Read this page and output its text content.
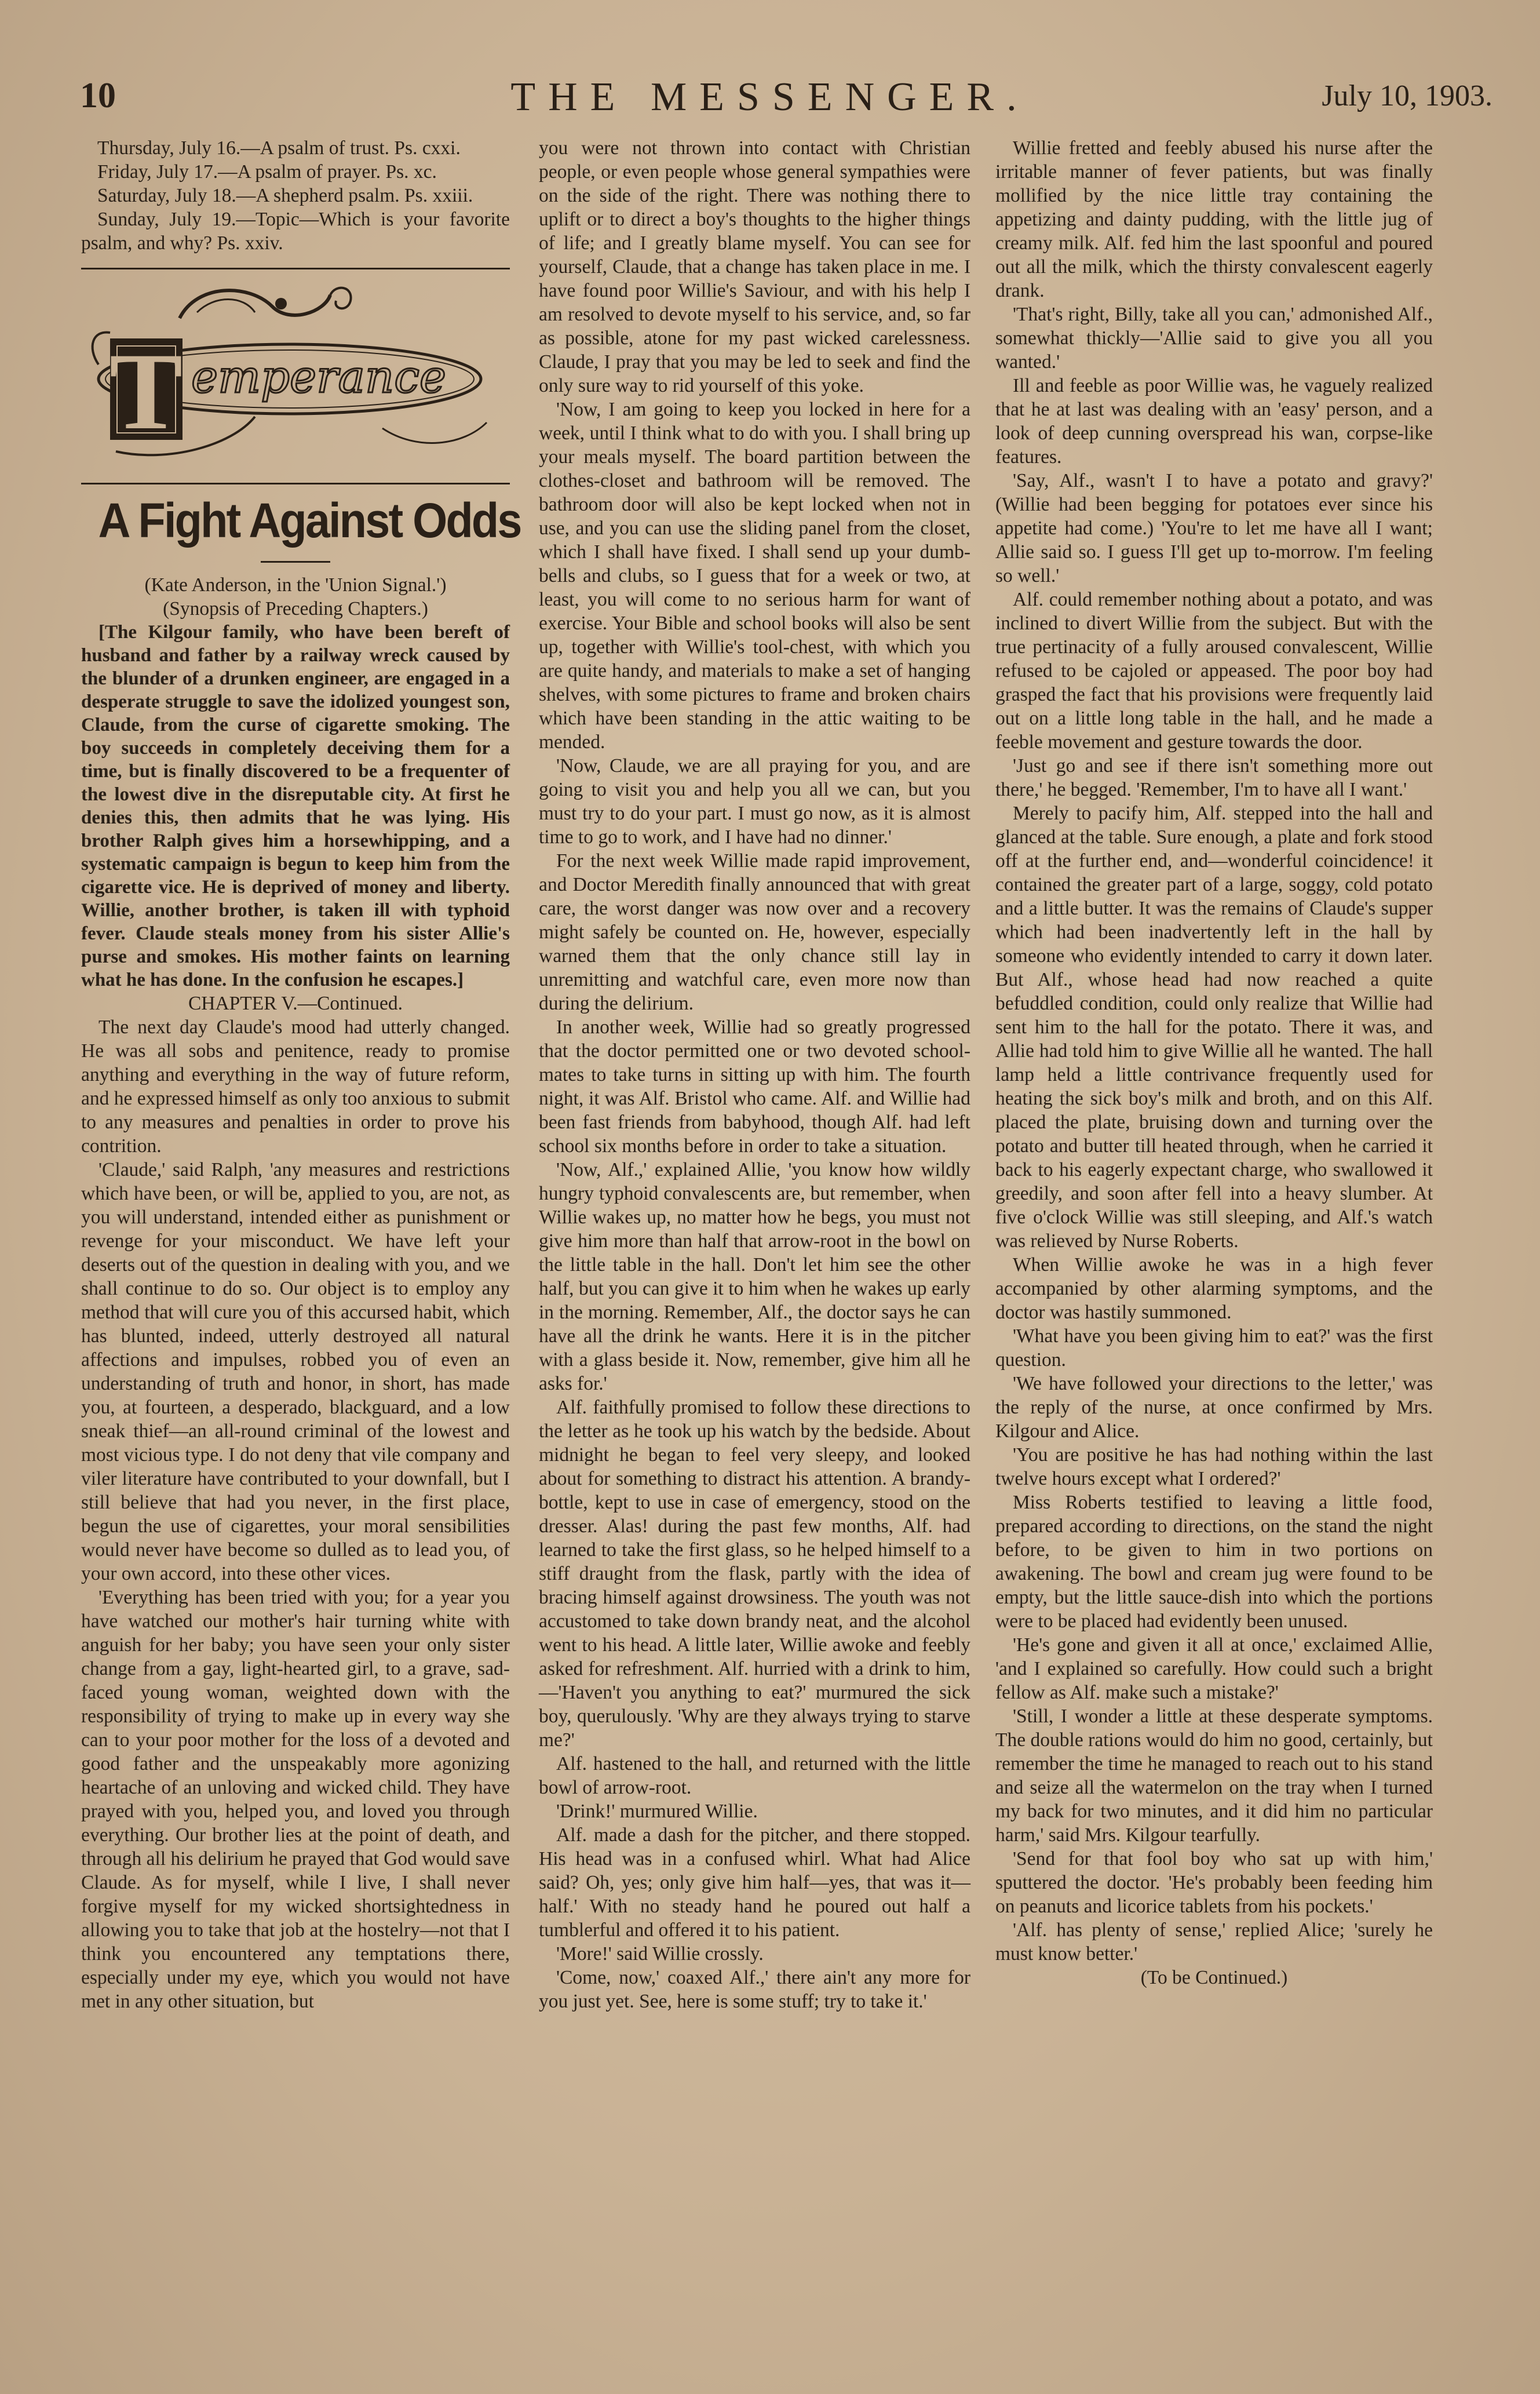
10	THE MESSENGER.	July 10, 1903.

Thursday, July 16.—A psalm of trust. Ps. cxxi.

Friday, July 17.—A psalm of prayer. Ps. xc.

Saturday, July 18.—A shepherd psalm. Ps. xxiii.

Sunday, July 19.—Topic—Which is your favorite psalm, and why? Ps. xxiv.

T emperance
A Fight Against Odds

(Kate Anderson, in the 'Union Signal.')

(Synopsis of Preceding Chapters.)

[The Kilgour family, who have been bereft of husband and father by a railway wreck caused by the blunder of a drunken engineer, are engaged in a desperate struggle to save the idolized youngest son, Claude, from the curse of cigarette smoking. The boy succeeds in completely deceiving them for a time, but is finally discovered to be a frequenter of the lowest dive in the disreputable city. At first he denies this, then admits that he was lying. His brother Ralph gives him a horsewhipping, and a systematic campaign is begun to keep him from the cigarette vice. He is deprived of money and liberty. Willie, another brother, is taken ill with typhoid fever. Claude steals money from his sister Allie's purse and smokes. His mother faints on learning what he has done. In the confusion he escapes.]

CHAPTER V.—Continued.

The next day Claude's mood had utterly changed. He was all sobs and penitence, ready to promise anything and everything in the way of future reform, and he expressed himself as only too anxious to submit to any measures and penalties in order to prove his contrition.

'Claude,' said Ralph, 'any measures and restrictions which have been, or will be, applied to you, are not, as you will understand, intended either as punishment or revenge for your misconduct. We have left your deserts out of the question in dealing with you, and we shall continue to do so. Our object is to employ any method that will cure you of this accursed habit, which has blunted, indeed, utterly destroyed all natural affections and impulses, robbed you of even an understanding of truth and honor, in short, has made you, at fourteen, a desperado, blackguard, and a low sneak thief—an all-round criminal of the lowest and most vicious type. I do not deny that vile company and viler literature have contributed to your downfall, but I still believe that had you never, in the first place, begun the use of cigarettes, your moral sensibilities would never have become so dulled as to lead you, of your own accord, into these other vices.

'Everything has been tried with you; for a year you have watched our mother's hair turning white with anguish for her baby; you have seen your only sister change from a gay, light-hearted girl, to a grave, sad-faced young woman, weighted down with the responsibility of trying to make up in every way she can to your poor mother for the loss of a devoted and good father and the unspeakably more agonizing heartache of an unloving and wicked child. They have prayed with you, helped you, and loved you through everything. Our brother lies at the point of death, and through all his delirium he prayed that God would save Claude. As for myself, while I live, I shall never forgive myself for my wicked shortsightedness in allowing you to take that job at the hostelry—not that I think you encountered any temptations there, especially under my eye, which you would not have met in any other situation, but

you were not thrown into contact with Christian people, or even people whose general sympathies were on the side of the right. There was nothing there to uplift or to direct a boy's thoughts to the higher things of life; and I greatly blame myself. You can see for yourself, Claude, that a change has taken place in me. I have found poor Willie's Saviour, and with his help I am resolved to devote myself to his service, and, so far as possible, atone for my past wicked carelessness. Claude, I pray that you may be led to seek and find the only sure way to rid yourself of this yoke.

'Now, I am going to keep you locked in here for a week, until I think what to do with you. I shall bring up your meals myself. The board partition between the clothes-closet and bathroom will be removed. The bathroom door will also be kept locked when not in use, and you can use the sliding panel from the closet, which I shall have fixed. I shall send up your dumb-bells and clubs, so I guess that for a week or two, at least, you will come to no serious harm for want of exercise. Your Bible and school books will also be sent up, together with Willie's tool-chest, with which you are quite handy, and materials to make a set of hanging shelves, with some pictures to frame and broken chairs which have been standing in the attic waiting to be mended.

'Now, Claude, we are all praying for you, and are going to visit you and help you all we can, but you must try to do your part. I must go now, as it is almost time to go to work, and I have had no dinner.'

For the next week Willie made rapid improvement, and Doctor Meredith finally announced that with great care, the worst danger was now over and a recovery might safely be counted on. He, however, especially warned them that the only chance still lay in unremitting and watchful care, even more now than during the delirium.

In another week, Willie had so greatly progressed that the doctor permitted one or two devoted school-mates to take turns in sitting up with him. The fourth night, it was Alf. Bristol who came. Alf. and Willie had been fast friends from babyhood, though Alf. had left school six months before in order to take a situation.

'Now, Alf.,' explained Allie, 'you know how wildly hungry typhoid convalescents are, but remember, when Willie wakes up, no matter how he begs, you must not give him more than half that arrow-root in the bowl on the little table in the hall. Don't let him see the other half, but you can give it to him when he wakes up early in the morning. Remember, Alf., the doctor says he can have all the drink he wants. Here it is in the pitcher with a glass beside it. Now, remember, give him all he asks for.'

Alf. faithfully promised to follow these directions to the letter as he took up his watch by the bedside. About midnight he began to feel very sleepy, and looked about for something to distract his attention. A brandy-bottle, kept to use in case of emergency, stood on the dresser. Alas! during the past few months, Alf. had learned to take the first glass, so he helped himself to a stiff draught from the flask, partly with the idea of bracing himself against drowsiness. The youth was not accustomed to take down brandy neat, and the alcohol went to his head. A little later, Willie awoke and feebly asked for refreshment. Alf. hurried with a drink to him,—'Haven't you anything to eat?' murmured the sick boy, querulously. 'Why are they always trying to starve me?'

Alf. hastened to the hall, and returned with the little bowl of arrow-root.

'Drink!' murmured Willie.

Alf. made a dash for the pitcher, and there stopped. His head was in a confused whirl. What had Alice said? Oh, yes; only give him half—yes, that was it—half.' With no steady hand he poured out half a tumblerful and offered it to his patient.

'More!' said Willie crossly.

'Come, now,' coaxed Alf.,' there ain't any more for you just yet. See, here is some stuff; try to take it.'

Willie fretted and feebly abused his nurse after the irritable manner of fever patients, but was finally mollified by the nice little tray containing the appetizing and dainty pudding, with the little jug of creamy milk. Alf. fed him the last spoonful and poured out all the milk, which the thirsty convalescent eagerly drank.

'That's right, Billy, take all you can,' admonished Alf., somewhat thickly—'Allie said to give you all you wanted.'

Ill and feeble as poor Willie was, he vaguely realized that he at last was dealing with an 'easy' person, and a look of deep cunning overspread his wan, corpse-like features.

'Say, Alf., wasn't I to have a potato and gravy?' (Willie had been begging for potatoes ever since his appetite had come.) 'You're to let me have all I want; Allie said so. I guess I'll get up to-morrow. I'm feeling so well.'

Alf. could remember nothing about a potato, and was inclined to divert Willie from the subject. But with the true pertinacity of a fully aroused convalescent, Willie refused to be cajoled or appeased. The poor boy had grasped the fact that his provisions were frequently laid out on a little long table in the hall, and he made a feeble movement and gesture towards the door.

'Just go and see if there isn't something more out there,' he begged. 'Remember, I'm to have all I want.'

Merely to pacify him, Alf. stepped into the hall and glanced at the table. Sure enough, a plate and fork stood off at the further end, and—wonderful coincidence! it contained the greater part of a large, soggy, cold potato and a little butter. It was the remains of Claude's supper which had been inadvertently left in the hall by someone who evidently intended to carry it down later. But Alf., whose head had now reached a quite befuddled condition, could only realize that Willie had sent him to the hall for the potato. There it was, and Allie had told him to give Willie all he wanted. The hall lamp held a little contrivance frequently used for heating the sick boy's milk and broth, and on this Alf. placed the plate, bruising down and turning over the potato and butter till heated through, when he carried it back to his eagerly expectant charge, who swallowed it greedily, and soon after fell into a heavy slumber. At five o'clock Willie was still sleeping, and Alf.'s watch was relieved by Nurse Roberts.

When Willie awoke he was in a high fever accompanied by other alarming symptoms, and the doctor was hastily summoned.

'What have you been giving him to eat?' was the first question.

'We have followed your directions to the letter,' was the reply of the nurse, at once confirmed by Mrs. Kilgour and Alice.

'You are positive he has had nothing within the last twelve hours except what I ordered?'

Miss Roberts testified to leaving a little food, prepared according to directions, on the stand the night before, to be given to him in two portions on awakening. The bowl and cream jug were found to be empty, but the little sauce-dish into which the portions were to be placed had evidently been unused.

'He's gone and given it all at once,' exclaimed Allie, 'and I explained so carefully. How could such a bright fellow as Alf. make such a mistake?'

'Still, I wonder a little at these desperate symptoms. The double rations would do him no good, certainly, but remember the time he managed to reach out to his stand and seize all the watermelon on the tray when I turned my back for two minutes, and it did him no particular harm,' said Mrs. Kilgour tearfully.

'Send for that fool boy who sat up with him,' sputtered the doctor. 'He's probably been feeding him on peanuts and licorice tablets from his pockets.'

'Alf. has plenty of sense,' replied Alice; 'surely he must know better.'

(To be Continued.)
